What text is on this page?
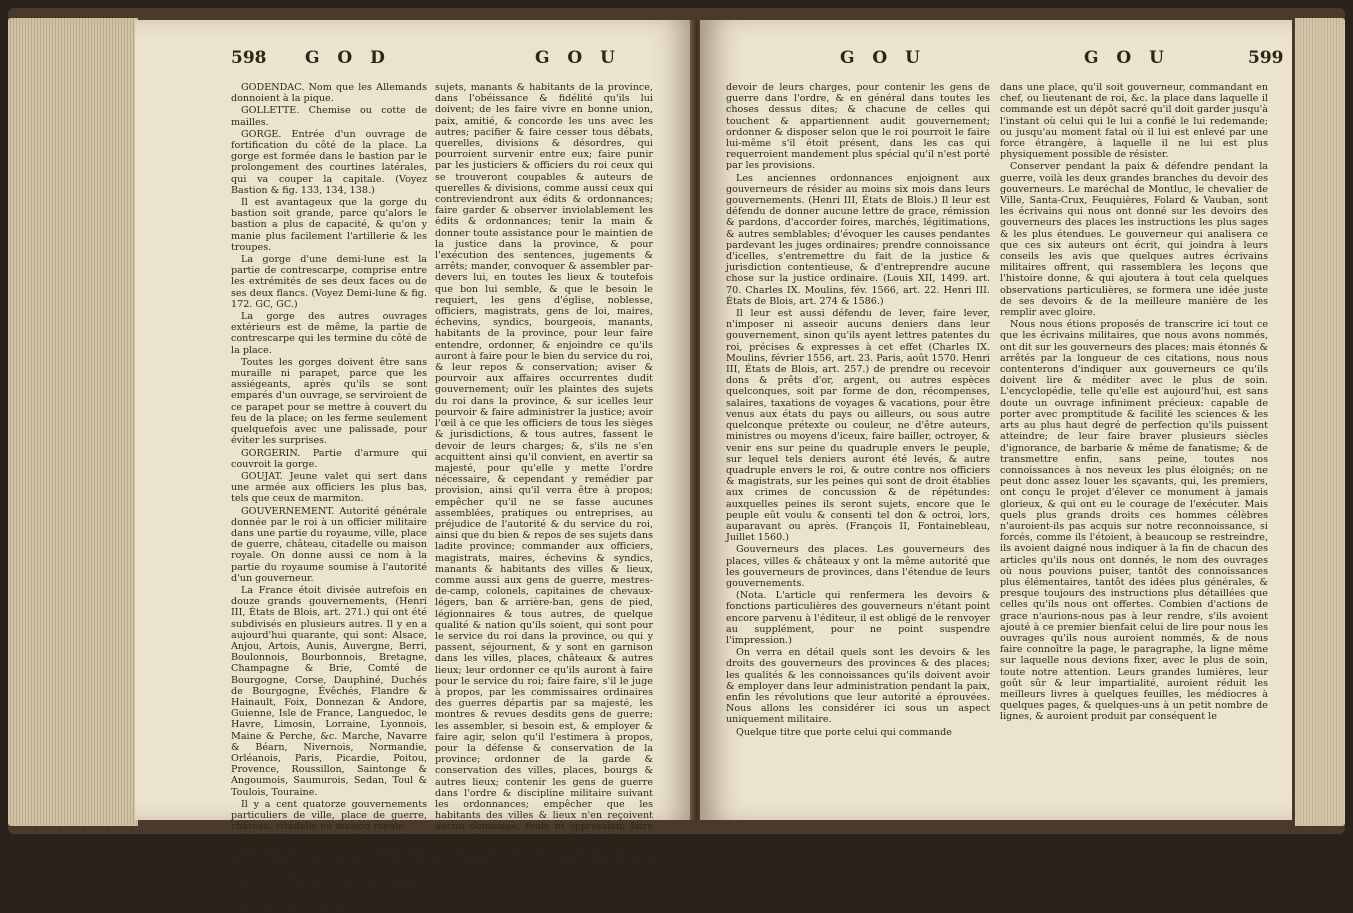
598 G O D	G O U

GODENDAC. Nom que les Allemands donnoient à la pique.

GOLLETTE. Chemise ou cotte de mailles.

GORGE. Entrée d'un ouvrage de fortification du côté de la place. La gorge est formée dans le bastion par le prolongement des courtines latérales, qui va couper la capitale. (Voyez Bastion & fig. 133, 134, 138.)

Il est avantageux que la gorge du bastion soit grande, parce qu'alors le bastion a plus de capacité, & qu'on y manie plus facilement l'artillerie & les troupes.

La gorge d'une demi-lune est la partie de contrescarpe, comprise entre les extrémités de ses deux faces ou de ses deux flancs. (Voyez Demi-lune & fig. 172. GC, GC.)

La gorge des autres ouvrages extérieurs est de même, la partie de contrescarpe qui les termine du côté de la place.

Toutes les gorges doivent être sans muraille ni parapet, parce que les assiégeants, après qu'ils se sont emparés d'un ouvrage, se serviroient de ce parapet pour se mettre à couvert du feu de la place; on les ferme seulement quelquefois avec une palissade, pour éviter les surprises.

GORGERIN. Partie d'armure qui couvroit la gorge.

GOUJAT. Jeune valet qui sert dans une armée aux officiers les plus bas, tels que ceux de marmiton.

GOUVERNEMENT. Autorité générale donnée par le roi à un officier militaire dans une partie du royaume, ville, place de guerre, château, citadelle ou maison royale. On donne aussi ce nom à la partie du royaume soumise à l'autorité d'un gouverneur.

La France étoit divisée autrefois en douze grands gouvernements, (Henri III, États de Blois, art. 271.) qui ont été subdivisés en plusieurs autres. Il y en a aujourd'hui quarante, qui sont: Alsace, Anjou, Artois, Aunis, Auvergne, Berri, Boulonnois, Bourbonnois, Bretagne, Champagne & Brie, Comté de Bourgogne, Corse, Dauphiné, Duchés de Bourgogne, Évêchés, Flandre & Hainault, Foix, Donnezan & Andore, Guienne, Isle de France, Languedoc, le Havre, Limosin, Lorraine, Lyonnois, Maine & Perche, &c. Marche, Navarre & Béarn, Nivernois, Normandie, Orléanois, Paris, Picardie, Poitou, Provence, Roussillon, Saintonge & Angoumois, Saumurois, Sedan, Toul & Toulois, Touraine.

Il y a cent quatorze gouvernements particuliers de ville, place de guerre, château, citadelle ou maison royale.

GOUVERNEUR. Officier militaire qui commande pour le roi dans une partie du royaume, ville, château, citadelle, place de guerre ou maison royale.

Il est enjoint aux gouverneurs-généraux des provinces, de contenir sous l'autorité du roi les

sujets, manants & habitants de la province, dans l'obéissance & fidélité qu'ils lui doivent; de les faire vivre en bonne union, paix, amitié, & concorde les uns avec les autres; pacifier & faire cesser tous débats, querelles, divisions & désordres, qui pourroient survenir entre eux; faire punir par les justiciers & officiers du roi ceux qui se trouveront coupables & auteurs de querelles & divisions, comme aussi ceux qui contreviendront aux édits & ordonnances; faire garder & observer inviolablement les édits & ordonnances; tenir la main & donner toute assistance pour le maintien de la justice dans la province, & pour l'exécution des sentences, jugements & arrêts; mander, convoquer & assembler par-devers lui, en toutes les lieux & toutefois que bon lui semble, & que le besoin le requiert, les gens d'église, noblesse, officiers, magistrats, gens de loi, maires, échevins, syndics, bourgeois, manants, habitants de la province, pour leur faire entendre, ordonner, & enjoindre ce qu'ils auront à faire pour le bien du service du roi, & leur repos & conservation; aviser & pourvoir aux affaires occurrentes dudit gouvernement; ouïr les plaintes des sujets du roi dans la province, & sur icelles leur pourvoir & faire administrer la justice; avoir l'œil à ce que les officiers de tous les sièges & jurisdictions, & tous autres, fassent le devoir de leurs charges; &, s'ils ne s'en acquittent ainsi qu'il convient, en avertir sa majesté, pour qu'elle y mette l'ordre nécessaire, & cependant y remédier par provision, ainsi qu'il verra être à propos; empêcher qu'il ne se fasse aucunes assemblées, pratiques ou entreprises, au préjudice de l'autorité & du service du roi, ainsi que du bien & repos de ses sujets dans ladite province; commander aux officiers, magistrats, maires, échevins & syndics, manants & habitants des villes & lieux, comme aussi aux gens de guerre, mestres-de-camp, colonels, capitaines de chevaux-légers, ban & arrière-ban, gens de pied, légionnaires & tous autres, de quelque qualité & nation qu'ils soient, qui sont pour le service du roi dans la province, ou qui y passent, séjournent, & y sont en garnison dans les villes, places, châteaux & autres lieux; leur ordonner ce qu'ils auront à faire pour le service du roi; faire faire, s'il le juge à propos, par les commissaires ordinaires des guerres départis par sa majesté, les montres & revues desdits gens de guerre; les assembler, si besoin est, & employer & faire agir, selon qu'il l'estimera à propos, pour la défense & conservation de la province; ordonner de la garde & conservation des villes, places, bourgs & autres lieux; contenir les gens de guerre dans l'ordre & discipline militaire suivant les ordonnances; empêcher que les habitants des villes & lieux n'en reçoivent aucun dommage, foule ni oppression; faire incontinent punir & châtier ceux qui entreprendront quelque chose au contraire; faire agir les prévôts & autres officiers selon le

G O U	G O U	599

devoir de leurs charges, pour contenir les gens de guerre dans l'ordre, & en général dans toutes les choses dessus dites; & chacune de celles qui touchent & appartiennent audit gouvernement; ordonner & disposer selon que le roi pourroit le faire lui-même s'il étoit présent, dans les cas qui requerroient mandement plus spécial qu'il n'est porté par les provisions.

Les anciennes ordonnances enjoignent aux gouverneurs de résider au moins six mois dans leurs gouvernements. (Henri III, États de Blois.) Il leur est défendu de donner aucune lettre de grace, rémission & pardons, d'accorder foires, marchés, légitimations, & autres semblables; d'évoquer les causes pendantes pardevant les juges ordinaires; prendre connoissance d'icelles, s'entremettre du fait de la justice & jurisdiction contentieuse, & d'entreprendre aucune chose sur la justice ordinaire. (Louis XII, 1499. art. 70. Charles IX. Moulins, fév. 1566, art. 22. Henri III. États de Blois, art. 274 & 1586.)

Il leur est aussi défendu de lever, faire lever, n'imposer ni asseoir aucuns deniers dans leur gouvernement, sinon qu'ils ayent lettres patentes du roi, précises & expresses à cet effet (Charles IX. Moulins, février 1556, art. 23. Paris, août 1570. Henri III, États de Blois, art. 257.) de prendre ou recevoir dons & prêts d'or, argent, ou autres espèces quelconques, soit par forme de don, récompenses, salaires, taxations de voyages & vacations, pour être venus aux états du pays ou ailleurs, ou sous autre quelconque prétexte ou couleur, ne d'être auteurs, ministres ou moyens d'iceux, faire bailler, octroyer, & venir ens sur peine du quadruple envers le peuple, sur lequel tels deniers auront été levés, & autre quadruple envers le roi, & outre contre nos officiers & magistrats, sur les peines qui sont de droit établies aux crimes de concussion & de répétundes: auxquelles peines ils seront sujets, encore que le peuple eût voulu & consenti tel don & octroi, lors, auparavant ou après. (François II, Fontainebleau, Juillet 1560.)

Gouverneurs des places. Les gouverneurs des places, villes & châteaux y ont la même autorité que les gouverneurs de provinces, dans l'étendue de leurs gouvernements.

(Nota. L'article qui renfermera les devoirs & fonctions particulières des gouverneurs n'étant point encore parvenu à l'éditeur, il est obligé de le renvoyer au supplément, pour ne point suspendre l'impression.)

On verra en détail quels sont les devoirs & les droits des gouverneurs des provinces & des places; les qualités & les connoissances qu'ils doivent avoir & employer dans leur administration pendant la paix, enfin les révolutions que leur autorité a éprouvées. Nous allons les considérer ici sous un aspect uniquement militaire.

Quelque titre que porte celui qui commande

dans une place, qu'il soit gouverneur, commandant en chef, ou lieutenant de roi, &c. la place dans laquelle il commande est un dépôt sacré qu'il doit garder jusqu'à l'instant où celui qui le lui a confié le lui redemande; ou jusqu'au moment fatal où il lui est enlevé par une force étrangère, à laquelle il ne lui est plus physiquement possible de résister.

Conserver pendant la paix & défendre pendant la guerre, voilà les deux grandes branches du devoir des gouverneurs. Le maréchal de Montluc, le chevalier de Ville, Santa-Crux, Feuquières, Folard & Vauban, sont les écrivains qui nous ont donné sur les devoirs des gouverneurs des places les instructions les plus sages & les plus étendues. Le gouverneur qui analisera ce que ces six auteurs ont écrit, qui joindra à leurs conseils les avis que quelques autres écrivains militaires offrent, qui rassemblera les leçons que l'histoire donne, & qui ajoutera à tout cela quelques observations particulières, se formera une idée juste de ses devoirs & de la meilleure manière de les remplir avec gloire.

Nous nous étions proposés de transcrire ici tout ce que les écrivains militaires, que nous avons nommés, ont dit sur les gouverneurs des places; mais étonnés & arrêtés par la longueur de ces citations, nous nous contenterons d'indiquer aux gouverneurs ce qu'ils doivent lire & méditer avec le plus de soin. L'encyclopédie, telle qu'elle est aujourd'hui, est sans doute un ouvrage infiniment précieux: capable de porter avec promptitude & facilité les sciences & les arts au plus haut degré de perfection qu'ils puissent atteindre; de leur faire braver plusieurs siècles d'ignorance, de barbarie & même de fanatisme; & de transmettre enfin, sans peine, toutes nos connoissances à nos neveux les plus éloignés; on ne peut donc assez louer les sçavants, qui, les premiers, ont conçu le projet d'élever ce monument à jamais glorieux, & qui ont eu le courage de l'exécuter. Mais quels plus grands droits ces hommes célèbres n'auroient-ils pas acquis sur notre reconnoissance, si forcés, comme ils l'étoient, à beaucoup se restreindre, ils avoient daigné nous indiquer à la fin de chacun des articles qu'ils nous ont donnés, le nom des ouvrages où nous pouvions puiser, tantôt des connoissances plus élémentaires, tantôt des idées plus générales, & presque toujours des instructions plus détaillées que celles qu'ils nous ont offertes. Combien d'actions de grace n'aurions-nous pas à leur rendre, s'ils avoient ajouté à ce premier bienfait celui de lire pour nous les ouvrages qu'ils nous auroient nommés, & de nous faire connoître la page, le paragraphe, la ligne même sur laquelle nous devions fixer, avec le plus de soin, toute notre attention. Leurs grandes lumières, leur goût sûr & leur impartialité, auroient réduit les meilleurs livres à quelques feuilles, les médiocres à quelques pages, & quelques-uns à un petit nombre de lignes, & auroient produit par conséquent le
